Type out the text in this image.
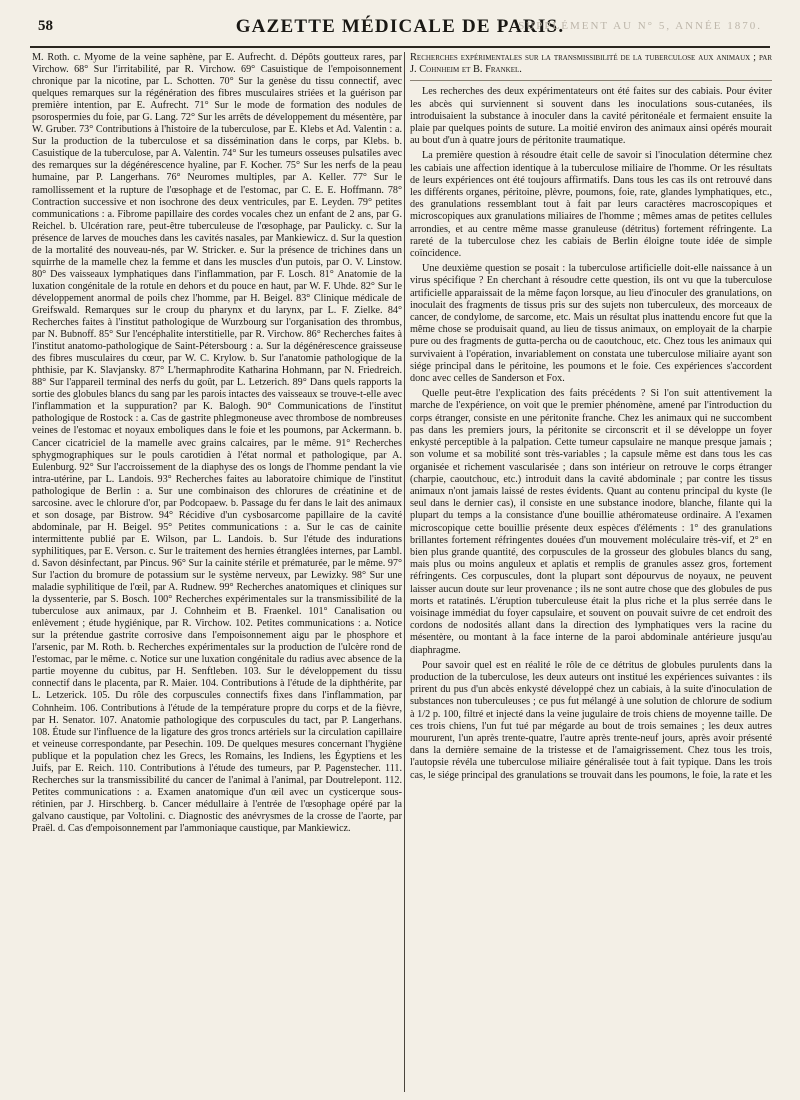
58	GAZETTE MÉDICALE DE PARIS.
SUPPLÉMENT AU N° 5, ANNÉE 1870.

M. Roth. c. Myome de la veine saphène, par E. Aufrecht. d. Dépôts goutteux rares, par Virchow. 68° Sur l'irritabilité, par R. Virchow. 69° Casuistique de l'empoisonnement chronique par la nicotine, par L. Schotten. 70° Sur la genèse du tissu connectif, avec quelques remarques sur la régénération des fibres musculaires striées et la guérison par première intention, par E. Aufrecht. 71° Sur le mode de formation des nodules de psorospermies du foie, par G. Lang. 72° Sur les arrêts de développement du mésentère, par W. Gruber. 73° Contributions à l'histoire de la tuberculose, par E. Klebs et Ad. Valentin : a. Sur la production de la tuberculose et sa dissémination dans le corps, par Klebs. b. Casuistique de la tuberculose, par A. Valentin. 74° Sur les tumeurs osseuses pulsatiles avec des remarques sur la dégénérescence hyaline, par F. Kocher. 75° Sur les nerfs de la peau humaine, par P. Langerhans. 76° Neuromes multiples, par A. Keller. 77° Sur le ramollissement et la rupture de l'œsophage et de l'estomac, par C. E. E. Hoffmann. 78° Contraction successive et non isochrone des deux ventricules, par E. Leyden. 79° petites communications : a. Fibrome papillaire des cordes vocales chez un enfant de 2 ans, par G. Reichel. b. Ulcération rare, peut-être tuberculeuse de l'œsophage, par Paulicky. c. Sur la présence de larves de mouches dans les cavités nasales, par Mankiewicz. d. Sur la question de la mortalité des nouveau-nés, par W. Stricker. e. Sur la présence de trichines dans un squirrhe de la mamelle chez la femme et dans les muscles d'un putois, par O. V. Linstow. 80° Des vaisseaux lymphatiques dans l'inflammation, par F. Losch. 81° Anatomie de la luxation congénitale de la rotule en dehors et du pouce en haut, par W. F. Uhde. 82° Sur le développement anormal de poils chez l'homme, par H. Beigel. 83° Clinique médicale de Greifswald. Remarques sur le croup du pharynx et du larynx, par L. F. Zielke. 84° Recherches faites à l'institut pathologique de Wurzbourg sur l'organisation des thrombus, par N. Bubnoff. 85° Sur l'encéphalite interstitielle, par R. Virchow. 86° Recherches faites à l'institut anatomo-pathologique de Saint-Pétersbourg : a. Sur la dégénérescence graisseuse des fibres musculaires du cœur, par W. C. Krylow. b. Sur l'anatomie pathologique de la phthisie, par K. Slavjansky. 87° L'hermaphrodite Katharina Hohmann, par N. Friedreich. 88° Sur l'appareil terminal des nerfs du goût, par L. Letzerich. 89° Dans quels rapports la sortie des globules blancs du sang par les parois intactes des vaisseaux se trouve-t-elle avec l'inflammation et la suppuration? par K. Balogh. 90° Communications de l'institut pathologique de Rostock : a. Cas de gastrite phlegmoneuse avec thrombose de nombreuses veines de l'estomac et noyaux emboliques dans le foie et les poumons, par Ackermann. b. Cancer cicatriciel de la mamelle avec grains calcaires, par le même. 91° Recherches sphygmographiques sur le pouls carotidien à l'état normal et pathologique, par A. Eulenburg. 92° Sur l'accroissement de la diaphyse des os longs de l'homme pendant la vie intra-utérine, par L. Landois. 93° Recherches faites au laboratoire chimique de l'institut pathologique de Berlin : a. Sur une combinaison des chlorures de créatinine et de sarcosine. avec le chlorure d'or, par Podcopaew. b. Passage du fer dans le lait des animaux et son dosage, par Bistrow. 94° Récidive d'un cysbosarcome papillaire de la cavité abdominale, par H. Beigel. 95° Petites communications : a. Sur le cas de cainite intermittente publié par E. Wilson, par L. Landois. b. Sur l'étude des indurations syphilitiques, par E. Verson. c. Sur le traitement des hernies étranglées internes, par Lambl. d. Savon désinfectant, par Pincus. 96° Sur la cainite stérile et prématurée, par le même. 97° Sur l'action du bromure de potassium sur le système nerveux, par Lewizky. 98° Sur une maladie syphilitique de l'œil, par A. Rudnew. 99° Recherches anatomiques et cliniques sur la dyssenterie, par S. Bosch. 100° Recherches expérimentales sur la transmissibilité de la tuberculose aux animaux, par J. Cohnheim et B. Fraenkel. 101° Canalisation ou enlèvement ; étude hygiénique, par R. Virchow. 102. Petites communications : a. Notice sur la prétendue gastrite corrosive dans l'empoisonnement aigu par le phosphore et l'arsenic, par M. Roth. b. Recherches expérimentales sur la production de l'ulcère rond de l'estomac, par le même. c. Notice sur une luxation congénitale du radius avec absence de la partie moyenne du cubitus, par H. Senftleben. 103. Sur le développement du tissu connectif dans le placenta, par R. Maier. 104. Contributions à l'étude de la diphthérite, par L. Letzerick. 105. Du rôle des corpuscules connectifs fixes dans l'inflammation, par Cohnheim. 106. Contributions à l'étude de la température propre du corps et de la fièvre, par H. Senator. 107. Anatomie pathologique des corpuscules du tact, par P. Langerhans. 108. Étude sur l'influence de la ligature des gros troncs artériels sur la circulation capillaire et veineuse correspondante, par Pesechin. 109. De quelques mesures concernant l'hygiène publique et la population chez les Grecs, les Romains, les Indiens, les Égyptiens et les Juifs, par E. Reich. 110. Contributions à l'étude des tumeurs, par P. Pagenstecher. 111. Recherches sur la transmissibilité du cancer de l'animal à l'animal, par Doutrelepont. 112. Petites communications : a. Examen anatomique d'un œil avec un cysticerque sous-rétinien, par J. Hirschberg. b. Cancer médullaire à l'entrée de l'œsophage opéré par la galvano caustique, par Voltolini. c. Diagnostic des anévrysmes de la crosse de l'aorte, par Praël. d. Cas d'empoisonnement par l'ammoniaque caustique, par Mankiewicz.

Recherches expérimentales sur la transmissibilité de la tuberculose aux animaux ; par J. Cohnheim et B. Frankel.

Les recherches des deux expérimentateurs ont été faites sur des cabiais. Pour éviter les abcès qui surviennent si souvent dans les inoculations sous-cutanées, ils introduisaient la substance à inoculer dans la cavité péritonéale et fermaient ensuite la plaie par quelques points de suture. La moitié environ des animaux ainsi opérés mourait au bout d'un à quatre jours de péritonite traumatique.

La première question à résoudre était celle de savoir si l'inoculation détermine chez les cabiais une affection identique à la tuberculose miliaire de l'homme. Or les résultats de leurs expériences ont été toujours affirmatifs. Dans tous les cas ils ont retrouvé dans les différents organes, péritoine, plèvre, poumons, foie, rate, glandes lymphatiques, etc., des granulations ressemblant tout à fait par leurs caractères macroscopiques et microscopiques aux granulations miliaires de l'homme ; mêmes amas de petites cellules arrondies, et au centre même masse granuleuse (détritus) fortement réfringente. La rareté de la tuberculose chez les cabiais de Berlin éloigne toute idée de simple coïncidence.

Une deuxième question se posait : la tuberculose artificielle doit-elle naissance à un virus spécifique ? En cherchant à résoudre cette question, ils ont vu que la tuberculose artificielle apparaissait de la même façon lorsque, au lieu d'inoculer des granulations, on inoculait des fragments de tissus pris sur des sujets non tuberculeux, des morceaux de cancer, de condylome, de sarcome, etc. Mais un résultat plus inattendu encore fut que la même chose se produisait quand, au lieu de tissus animaux, on employait de la charpie pure ou des fragments de gutta-percha ou de caoutchouc, etc. Chez tous les animaux qui survivaient à l'opération, invariablement on constata une tuberculose miliaire ayant son siége principal dans le péritoine, les poumons et le foie. Ces expériences s'accordent donc avec celles de Sanderson et Fox.

Quelle peut-être l'explication des faits précédents ? Si l'on suit attentivement la marche de l'expérience, on voit que le premier phénomène, amené par l'introduction du corps étranger, consiste en une péritonite franche. Chez les animaux qui ne succombent pas dans les premiers jours, la péritonite se circonscrit et il se développe un foyer enkysté perceptible à la palpation. Cette tumeur capsulaire ne manque presque jamais ; son volume et sa mobilité sont très-variables ; la capsule même est dans tous les cas organisée et richement vascularisée ; dans son intérieur on retrouve le corps étranger (charpie, caoutchouc, etc.) introduit dans la cavité abdominale ; par contre les tissus animaux n'ont jamais laissé de restes évidents. Quant au contenu principal du kyste (le seul dans le dernier cas), il consiste en une substance inodore, blanche, filante qui la plupart du temps a la consistance d'une bouillie athéromateuse ordinaire. A l'examen microscopique cette bouillie présente deux espèces d'éléments : 1° des granulations brillantes fortement réfringentes douées d'un mouvement moléculaire très-vif, et 2° en bien plus grande quantité, des corpuscules de la grosseur des globules blancs du sang, mais plus ou moins anguleux et aplatis et remplis de granules assez gros, fortement réfringents. Ces corpuscules, dont la plupart sont dépourvus de noyaux, ne peuvent laisser aucun doute sur leur provenance ; ils ne sont autre chose que des globules de pus morts et ratatinés. L'éruption tuberculeuse était la plus riche et la plus serrée dans le voisinage immédiat du foyer capsulaire, et souvent on pouvait suivre de cet endroit des cordons de nodosités allant dans la direction des lymphatiques vers la racine du mésentère, ou montant à la face interne de la paroi abdominale antérieure jusqu'au diaphragme.

Pour savoir quel est en réalité le rôle de ce détritus de globules purulents dans la production de la tuberculose, les deux auteurs ont institué les expériences suivantes : ils prirent du pus d'un abcès enkysté développé chez un cabiais, à la suite d'inoculation de substances non tuberculeuses ; ce pus fut mélangé à une solution de chlorure de sodium à 1/2 p. 100, filtré et injecté dans la veine jugulaire de trois chiens de moyenne taille. De ces trois chiens, l'un fut tué par mégarde au bout de trois semaines ; les deux autres moururent, l'un après trente-quatre, l'autre après trente-neuf jours, après avoir présenté dans la dernière semaine de la tristesse et de l'amaigrissement. Chez tous les trois, l'autopsie révéla une tuberculose miliaire généralisée tout à fait typique. Dans les trois cas, le siége principal des granulations se trouvait dans les poumons, le foie, la rate et les
